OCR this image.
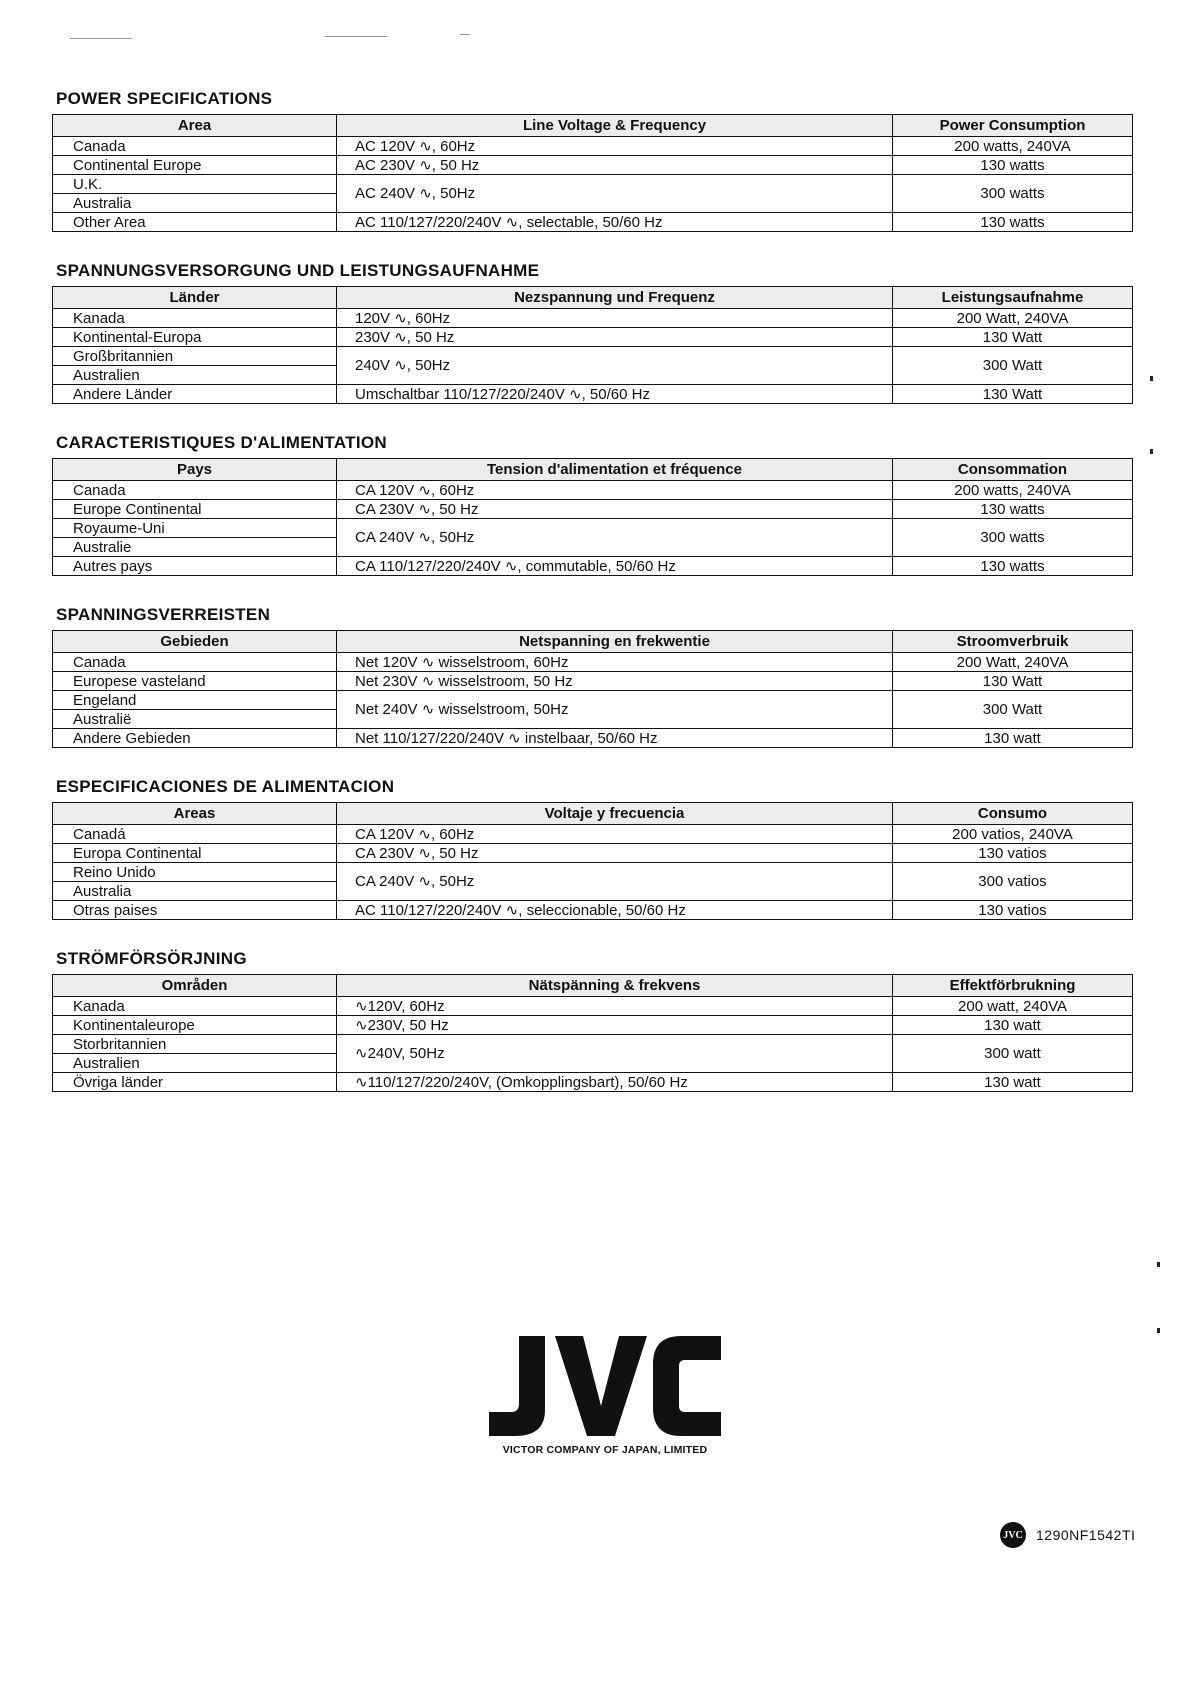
POWER SPECIFICATIONS
Area	Line Voltage & Frequency	Power Consumption
Canada	AC 120V ∿, 60Hz	200 watts, 240VA
Continental Europe	AC 230V ∿, 50 Hz	130 watts
U.K.	AC 240V ∿, 50Hz	300 watts
Australia		
Other Area	AC 110/127/220/240V ∿, selectable, 50/60 Hz	130 watts
SPANNUNGSVERSORGUNG UND LEISTUNGSAUFNAHME
Länder	Nezspannung und Frequenz	Leistungsaufnahme
Kanada	120V ∿, 60Hz	200 Watt, 240VA
Kontinental-Europa	230V ∿, 50 Hz	130 Watt
Großbritannien	240V ∿, 50Hz	300 Watt
Australien		
Andere Länder	Umschaltbar 110/127/220/240V ∿, 50/60 Hz	130 Watt
CARACTERISTIQUES D'ALIMENTATION
Pays	Tension d'alimentation et fréquence	Consommation
Canada	CA 120V ∿, 60Hz	200 watts, 240VA
Europe Continental	CA 230V ∿, 50 Hz	130 watts
Royaume-Uni	CA 240V ∿, 50Hz	300 watts
Australie		
Autres pays	CA 110/127/220/240V ∿, commutable, 50/60 Hz	130 watts
SPANNINGSVERREISTEN
Gebieden	Netspanning en frekwentie	Stroomverbruik
Canada	Net 120V ∿ wisselstroom, 60Hz	200 Watt, 240VA
Europese vasteland	Net 230V ∿ wisselstroom, 50 Hz	130 Watt
Engeland	Net 240V ∿ wisselstroom, 50Hz	300 Watt
Australië		
Andere Gebieden	Net 110/127/220/240V ∿ instelbaar, 50/60 Hz	130 watt
ESPECIFICACIONES DE ALIMENTACION
Areas	Voltaje y frecuencia	Consumo
Canadá	CA 120V ∿, 60Hz	200 vatios, 240VA
Europa Continental	CA 230V ∿, 50 Hz	130 vatios
Reino Unido	CA 240V ∿, 50Hz	300 vatios
Australia		
Otras paises	AC 110/127/220/240V ∿, seleccionable, 50/60 Hz	130 vatios
STRÖMFÖRSÖRJNING
Områden	Nätspänning & frekvens	Effektförbrukning
Kanada	∿120V, 60Hz	200 watt, 240VA
Kontinentaleurope	∿230V, 50 Hz	130 watt
Storbritannien	∿240V, 50Hz	300 watt
Australien		
Övriga länder	∿110/127/220/240V, (Omkopplingsbart), 50/60 Hz	130 watt
VICTOR COMPANY OF JAPAN, LIMITED
JVC 1290NF1542TI
